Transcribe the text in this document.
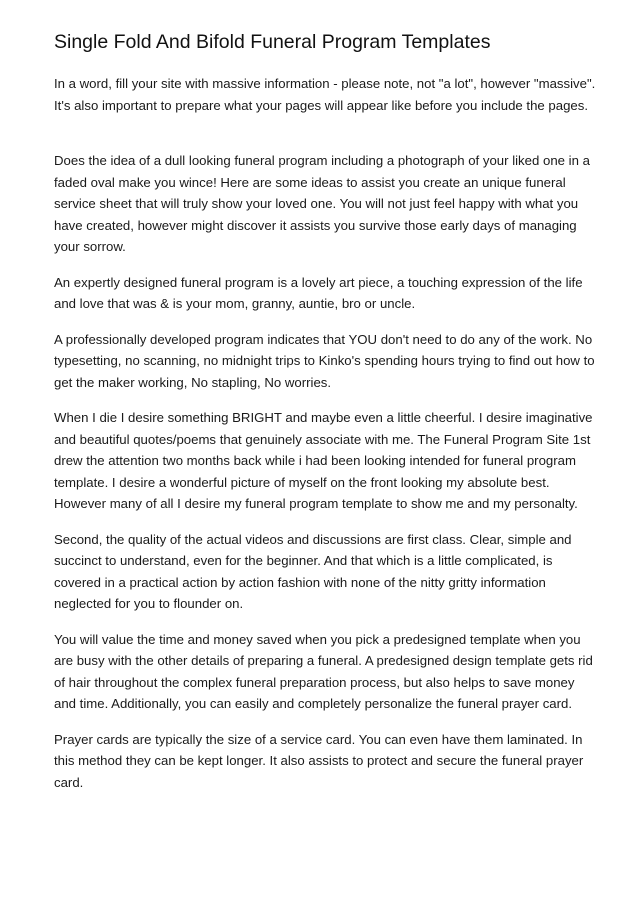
Single Fold And Bifold Funeral Program Templates

In a word, fill your site with massive information - please note, not "a lot", however "massive". It's also important to prepare what your pages will appear like before you include the pages.

Does the idea of a dull looking funeral program including a photograph of your liked one in a faded oval make you wince! Here are some ideas to assist you create an unique funeral service sheet that will truly show your loved one. You will not just feel happy with what you have created, however might discover it assists you survive those early days of managing your sorrow.

An expertly designed funeral program is a lovely art piece, a touching expression of the life and love that was & is your mom, granny, auntie, bro or uncle.

A professionally developed program indicates that YOU don't need to do any of the work. No typesetting, no scanning, no midnight trips to Kinko's spending hours trying to find out how to get the maker working, No stapling, No worries.

When I die I desire something BRIGHT and maybe even a little cheerful. I desire imaginative and beautiful quotes/poems that genuinely associate with me. The Funeral Program Site 1st drew the attention two months back while i had been looking intended for funeral program template. I desire a wonderful picture of myself on the front looking my absolute best. However many of all I desire my funeral program template to show me and my personalty.

Second, the quality of the actual videos and discussions are first class. Clear, simple and succinct to understand, even for the beginner. And that which is a little complicated, is covered in a practical action by action fashion with none of the nitty gritty information neglected for you to flounder on.

You will value the time and money saved when you pick a predesigned template when you are busy with the other details of preparing a funeral. A predesigned design template gets rid of hair throughout the complex funeral preparation process, but also helps to save money and time. Additionally, you can easily and completely personalize the funeral prayer card.

Prayer cards are typically the size of a service card. You can even have them laminated. In this method they can be kept longer. It also assists to protect and secure the funeral prayer card.
